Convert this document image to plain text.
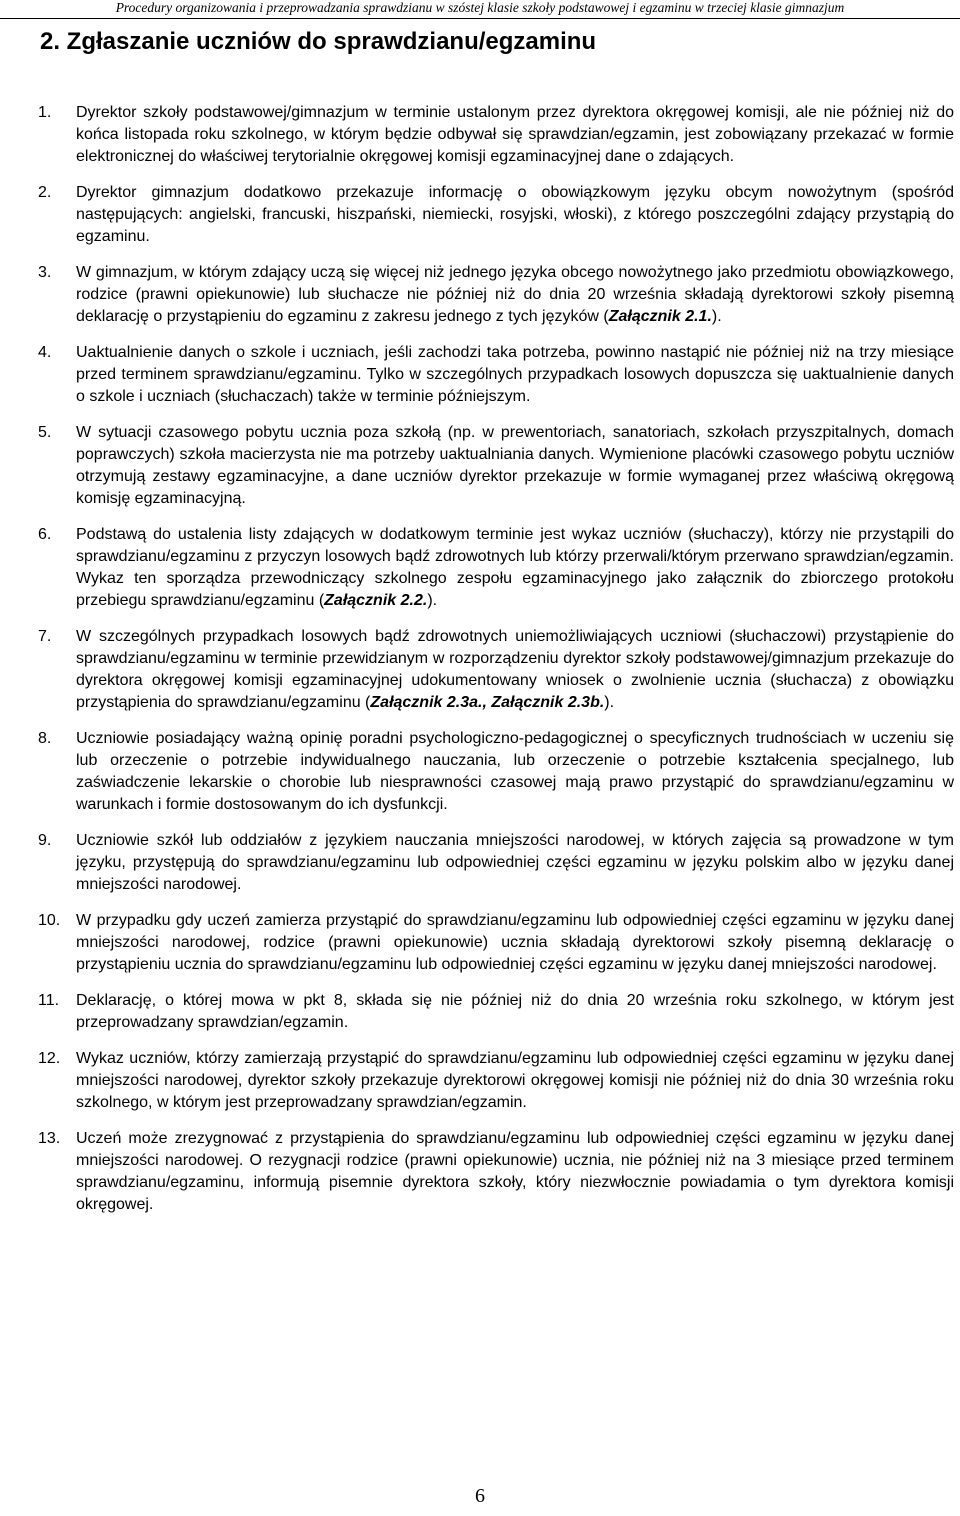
Procedury organizowania i przeprowadzania sprawdzianu w szóstej klasie szkoły podstawowej i egzaminu w trzeciej klasie gimnazjum
2. Zgłaszanie uczniów do sprawdzianu/egzaminu
1. Dyrektor szkoły podstawowej/gimnazjum w terminie ustalonym przez dyrektora okręgowej komisji, ale nie później niż do końca listopada roku szkolnego, w którym będzie odbywał się sprawdzian/egzamin, jest zobowiązany przekazać w formie elektronicznej do właściwej terytorialnie okręgowej komisji egzaminacyjnej dane o zdających.
2. Dyrektor gimnazjum dodatkowo przekazuje informację o obowiązkowym języku obcym nowożytnym (spośród następujących: angielski, francuski, hiszpański, niemiecki, rosyjski, włoski), z którego poszczególni zdający przystąpią do egzaminu.
3. W gimnazjum, w którym zdający uczą się więcej niż jednego języka obcego nowożytnego jako przedmiotu obowiązkowego, rodzice (prawni opiekunowie) lub słuchacze nie później niż do dnia 20 września składają dyrektorowi szkoły pisemną deklarację o przystąpieniu do egzaminu z zakresu jednego z tych języków (Załącznik 2.1.).
4. Uaktualnienie danych o szkole i uczniach, jeśli zachodzi taka potrzeba, powinno nastąpić nie później niż na trzy miesiące przed terminem sprawdzianu/egzaminu. Tylko w szczególnych przypadkach losowych dopuszcza się uaktualnienie danych o szkole i uczniach (słuchaczach) także w terminie późniejszym.
5. W sytuacji czasowego pobytu ucznia poza szkołą (np. w prewentoriach, sanatoriach, szkołach przyszpitalnych, domach poprawczych) szkoła macierzysta nie ma potrzeby uaktualniania danych. Wymienione placówki czasowego pobytu uczniów otrzymują zestawy egzaminacyjne, a dane uczniów dyrektor przekazuje w formie wymaganej przez właściwą okręgową komisję egzaminacyjną.
6. Podstawą do ustalenia listy zdających w dodatkowym terminie jest wykaz uczniów (słuchaczy), którzy nie przystąpili do sprawdzianu/egzaminu z przyczyn losowych bądź zdrowotnych lub którzy przerwali/którym przerwano sprawdzian/egzamin. Wykaz ten sporządza przewodniczący szkolnego zespołu egzaminacyjnego jako załącznik do zbiorczego protokołu przebiegu sprawdzianu/egzaminu (Załącznik 2.2.).
7. W szczególnych przypadkach losowych bądź zdrowotnych uniemożliwiających uczniowi (słuchaczowi) przystąpienie do sprawdzianu/egzaminu w terminie przewidzianym w rozporządzeniu dyrektor szkoły podstawowej/gimnazjum przekazuje do dyrektora okręgowej komisji egzaminacyjnej udokumentowany wniosek o zwolnienie ucznia (słuchacza) z obowiązku przystąpienia do sprawdzianu/egzaminu (Załącznik 2.3a., Załącznik 2.3b.).
8. Uczniowie posiadający ważną opinię poradni psychologiczno-pedagogicznej o specyficznych trudnościach w uczeniu się lub orzeczenie o potrzebie indywidualnego nauczania, lub orzeczenie o potrzebie kształcenia specjalnego, lub zaświadczenie lekarskie o chorobie lub niesprawności czasowej mają prawo przystąpić do sprawdzianu/egzaminu w warunkach i formie dostosowanym do ich dysfunkcji.
9. Uczniowie szkół lub oddziałów z językiem nauczania mniejszości narodowej, w których zajęcia są prowadzone w tym języku, przystępują do sprawdzianu/egzaminu lub odpowiedniej części egzaminu w języku polskim albo w języku danej mniejszości narodowej.
10. W przypadku gdy uczeń zamierza przystąpić do sprawdzianu/egzaminu lub odpowiedniej części egzaminu w języku danej mniejszości narodowej, rodzice (prawni opiekunowie) ucznia składają dyrektorowi szkoły pisemną deklarację o przystąpieniu ucznia do sprawdzianu/egzaminu lub odpowiedniej części egzaminu w języku danej mniejszości narodowej.
11. Deklarację, o której mowa w pkt 8, składa się nie później niż do dnia 20 września roku szkolnego, w którym jest przeprowadzany sprawdzian/egzamin.
12. Wykaz uczniów, którzy zamierzają przystąpić do sprawdzianu/egzaminu lub odpowiedniej części egzaminu w języku danej mniejszości narodowej, dyrektor szkoły przekazuje dyrektorowi okręgowej komisji nie później niż do dnia 30 września roku szkolnego, w którym jest przeprowadzany sprawdzian/egzamin.
13. Uczeń może zrezygnować z przystąpienia do sprawdzianu/egzaminu lub odpowiedniej części egzaminu w języku danej mniejszości narodowej. O rezygnacji rodzice (prawni opiekunowie) ucznia, nie później niż na 3 miesiące przed terminem sprawdzianu/egzaminu, informują pisemnie dyrektora szkoły, który niezwłocznie powiadamia o tym dyrektora komisji okręgowej.
6
